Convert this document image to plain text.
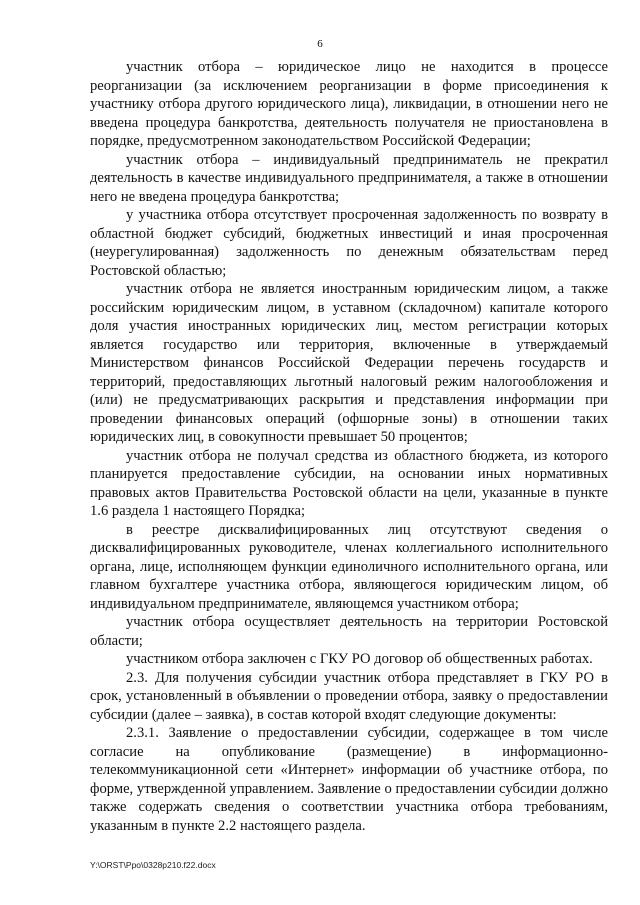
6

участник отбора – юридическое лицо не находится в процессе реорганизации (за исключением реорганизации в форме присоединения к участнику отбора другого юридического лица), ликвидации, в отношении него не введена процедура банкротства, деятельность получателя не приостановлена в порядке, предусмотренном законодательством Российской Федерации;

участник отбора – индивидуальный предприниматель не прекратил деятельность в качестве индивидуального предпринимателя, а также в отношении него не введена процедура банкротства;

у участника отбора отсутствует просроченная задолженность по возврату в областной бюджет субсидий, бюджетных инвестиций и иная просроченная (неурегулированная) задолженность по денежным обязательствам перед Ростовской областью;

участник отбора не является иностранным юридическим лицом, а также российским юридическим лицом, в уставном (складочном) капитале которого доля участия иностранных юридических лиц, местом регистрации которых является государство или территория, включенные в утверждаемый Министерством финансов Российской Федерации перечень государств и территорий, предоставляющих льготный налоговый режим налогообложения и (или) не предусматривающих раскрытия и представления информации при проведении финансовых операций (офшорные зоны) в отношении таких юридических лиц, в совокупности превышает 50 процентов;

участник отбора не получал средства из областного бюджета, из которого планируется предоставление субсидии, на основании иных нормативных правовых актов Правительства Ростовской области на цели, указанные в пункте 1.6 раздела 1 настоящего Порядка;

в реестре дисквалифицированных лиц отсутствуют сведения о дисквалифицированных руководителе, членах коллегиального исполнительного органа, лице, исполняющем функции единоличного исполнительного органа, или главном бухгалтере участника отбора, являющегося юридическим лицом, об индивидуальном предпринимателе, являющемся участником отбора;

участник отбора осуществляет деятельность на территории Ростовской области;

участником отбора заключен с ГКУ РО договор об общественных работах.

2.3. Для получения субсидии участник отбора представляет в ГКУ РО в срок, установленный в объявлении о проведении отбора, заявку о предоставлении субсидии (далее – заявка), в состав которой входят следующие документы:

2.3.1. Заявление о предоставлении субсидии, содержащее в том числе согласие на опубликование (размещение) в информационно-телекоммуникационной сети «Интернет» информации об участнике отбора, по форме, утвержденной управлением. Заявление о предоставлении субсидии должно также содержать сведения о соответствии участника отбора требованиям, указанным в пункте 2.2 настоящего раздела.

Y:\ORST\Ppo\0328p210.f22.docx
